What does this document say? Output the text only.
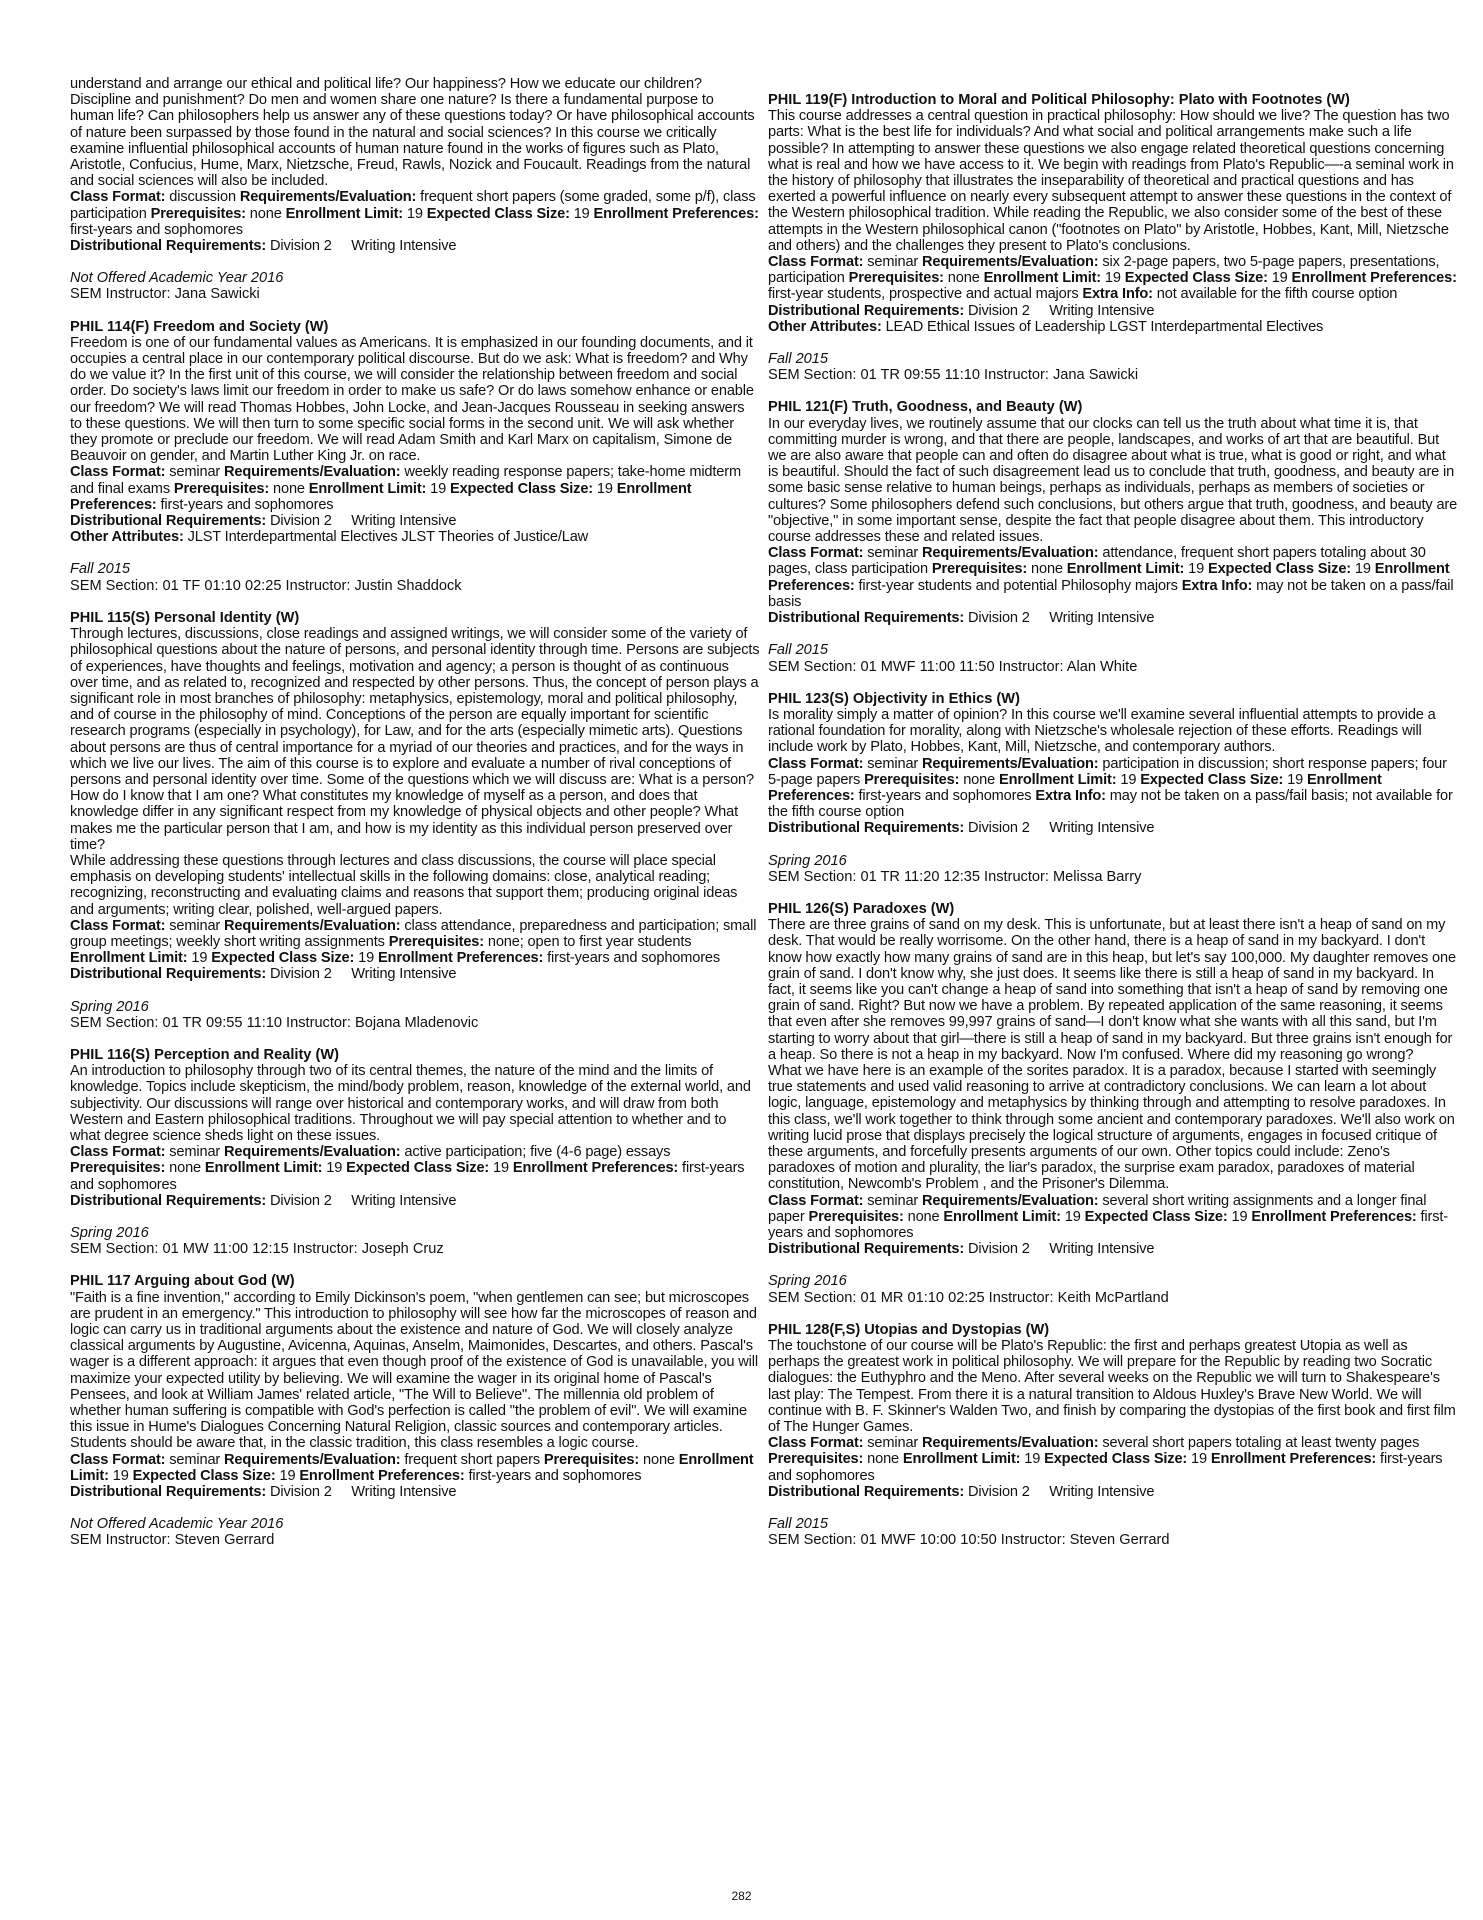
understand and arrange our ethical and political life? Our happiness? How we educate our children? Discipline and punishment? Do men and women share one nature? Is there a fundamental purpose to human life? Can philosophers help us answer any of these questions today? Or have philosophical accounts of nature been surpassed by those found in the natural and social sciences? In this course we critically examine influential philosophical accounts of human nature found in the works of figures such as Plato, Aristotle, Confucius, Hume, Marx, Nietzsche, Freud, Rawls, Nozick and Foucault. Readings from the natural and social sciences will also be included.

Class Format: discussion Requirements/Evaluation: frequent short papers (some graded, some p/f), class participation Prerequisites: none Enrollment Limit: 19 Expected Class Size: 19 Enrollment Preferences: first-years and sophomores

Distributional Requirements: Division 2     Writing Intensive

Not Offered Academic Year 2016

SEM Instructor: Jana Sawicki

PHIL 114(F) Freedom and Society (W)

Freedom is one of our fundamental values as Americans. It is emphasized in our founding documents, and it occupies a central place in our contemporary political discourse. But do we ask: What is freedom? and Why do we value it? In the first unit of this course, we will consider the relationship between freedom and social order. Do society's laws limit our freedom in order to make us safe? Or do laws somehow enhance or enable our freedom? We will read Thomas Hobbes, John Locke, and Jean-Jacques Rousseau in seeking answers to these questions. We will then turn to some specific social forms in the second unit. We will ask whether they promote or preclude our freedom. We will read Adam Smith and Karl Marx on capitalism, Simone de Beauvoir on gender, and Martin Luther King Jr. on race.

Class Format: seminar Requirements/Evaluation: weekly reading response papers; take-home midterm and final exams Prerequisites: none Enrollment Limit: 19 Expected Class Size: 19 Enrollment Preferences: first-years and sophomores

Distributional Requirements: Division 2     Writing Intensive

Other Attributes: JLST Interdepartmental Electives JLST Theories of Justice/Law

Fall 2015

SEM Section: 01 TF 01:10 02:25 Instructor: Justin Shaddock

PHIL 115(S) Personal Identity (W)

Through lectures, discussions, close readings and assigned writings, we will consider some of the variety of philosophical questions about the nature of persons, and personal identity through time. Persons are subjects of experiences, have thoughts and feelings, motivation and agency; a person is thought of as continuous over time, and as related to, recognized and respected by other persons. Thus, the concept of person plays a significant role in most branches of philosophy: metaphysics, epistemology, moral and political philosophy, and of course in the philosophy of mind. Conceptions of the person are equally important for scientific research programs (especially in psychology), for Law, and for the arts (especially mimetic arts). Questions about persons are thus of central importance for a myriad of our theories and practices, and for the ways in which we live our lives. The aim of this course is to explore and evaluate a number of rival conceptions of persons and personal identity over time. Some of the questions which we will discuss are: What is a person? How do I know that I am one? What constitutes my knowledge of myself as a person, and does that knowledge differ in any significant respect from my knowledge of physical objects and other people? What makes me the particular person that I am, and how is my identity as this individual person preserved over time?

While addressing these questions through lectures and class discussions, the course will place special emphasis on developing students' intellectual skills in the following domains: close, analytical reading; recognizing, reconstructing and evaluating claims and reasons that support them; producing original ideas and arguments; writing clear, polished, well-argued papers.

Class Format: seminar Requirements/Evaluation: class attendance, preparedness and participation; small group meetings; weekly short writing assignments Prerequisites: none; open to first year students Enrollment Limit: 19 Expected Class Size: 19 Enrollment Preferences: first-years and sophomores

Distributional Requirements: Division 2     Writing Intensive

Spring 2016

SEM Section: 01 TR 09:55 11:10 Instructor: Bojana Mladenovic

PHIL 116(S) Perception and Reality (W)

An introduction to philosophy through two of its central themes, the nature of the mind and the limits of knowledge. Topics include skepticism, the mind/body problem, reason, knowledge of the external world, and subjectivity. Our discussions will range over historical and contemporary works, and will draw from both Western and Eastern philosophical traditions. Throughout we will pay special attention to whether and to what degree science sheds light on these issues.

Class Format: seminar Requirements/Evaluation: active participation; five (4-6 page) essays Prerequisites: none Enrollment Limit: 19 Expected Class Size: 19 Enrollment Preferences: first-years and sophomores

Distributional Requirements: Division 2     Writing Intensive

Spring 2016

SEM Section: 01 MW 11:00 12:15 Instructor: Joseph Cruz

PHIL 117 Arguing about God (W)

"Faith is a fine invention," according to Emily Dickinson's poem, "when gentlemen can see; but microscopes are prudent in an emergency." This introduction to philosophy will see how far the microscopes of reason and logic can carry us in traditional arguments about the existence and nature of God. We will closely analyze classical arguments by Augustine, Avicenna, Aquinas, Anselm, Maimonides, Descartes, and others. Pascal's wager is a different approach: it argues that even though proof of the existence of God is unavailable, you will maximize your expected utility by believing. We will examine the wager in its original home of Pascal's Pensees, and look at William James' related article, "The Will to Believe". The millennia old problem of whether human suffering is compatible with God's perfection is called "the problem of evil". We will examine this issue in Hume's Dialogues Concerning Natural Religion, classic sources and contemporary articles. Students should be aware that, in the classic tradition, this class resembles a logic course.

Class Format: seminar Requirements/Evaluation: frequent short papers Prerequisites: none Enrollment Limit: 19 Expected Class Size: 19 Enrollment Preferences: first-years and sophomores

Distributional Requirements: Division 2     Writing Intensive

Not Offered Academic Year 2016

SEM Instructor: Steven Gerrard

PHIL 119(F) Introduction to Moral and Political Philosophy: Plato with Footnotes (W)

This course addresses a central question in practical philosophy: How should we live? The question has two parts: What is the best life for individuals? And what social and political arrangements make such a life possible? In attempting to answer these questions we also engage related theoretical questions concerning what is real and how we have access to it. We begin with readings from Plato's Republic—-a seminal work in the history of philosophy that illustrates the inseparability of theoretical and practical questions and has exerted a powerful influence on nearly every subsequent attempt to answer these questions in the context of the Western philosophical tradition. While reading the Republic, we also consider some of the best of these attempts in the Western philosophical canon ("footnotes on Plato" by Aristotle, Hobbes, Kant, Mill, Nietzsche and others) and the challenges they present to Plato's conclusions.

Class Format: seminar Requirements/Evaluation: six 2-page papers, two 5-page papers, presentations, participation Prerequisites: none Enrollment Limit: 19 Expected Class Size: 19 Enrollment Preferences: first-year students, prospective and actual majors Extra Info: not available for the fifth course option

Distributional Requirements: Division 2     Writing Intensive

Other Attributes: LEAD Ethical Issues of Leadership LGST Interdepartmental Electives

Fall 2015

SEM Section: 01 TR 09:55 11:10 Instructor: Jana Sawicki

PHIL 121(F) Truth, Goodness, and Beauty (W)

In our everyday lives, we routinely assume that our clocks can tell us the truth about what time it is, that committing murder is wrong, and that there are people, landscapes, and works of art that are beautiful. But we are also aware that people can and often do disagree about what is true, what is good or right, and what is beautiful. Should the fact of such disagreement lead us to conclude that truth, goodness, and beauty are in some basic sense relative to human beings, perhaps as individuals, perhaps as members of societies or cultures? Some philosophers defend such conclusions, but others argue that truth, goodness, and beauty are "objective," in some important sense, despite the fact that people disagree about them. This introductory course addresses these and related issues.

Class Format: seminar Requirements/Evaluation: attendance, frequent short papers totaling about 30 pages, class participation Prerequisites: none Enrollment Limit: 19 Expected Class Size: 19 Enrollment Preferences: first-year students and potential Philosophy majors Extra Info: may not be taken on a pass/fail basis

Distributional Requirements: Division 2     Writing Intensive

Fall 2015

SEM Section: 01 MWF 11:00 11:50 Instructor: Alan White

PHIL 123(S) Objectivity in Ethics (W)

Is morality simply a matter of opinion? In this course we'll examine several influential attempts to provide a rational foundation for morality, along with Nietzsche's wholesale rejection of these efforts. Readings will include work by Plato, Hobbes, Kant, Mill, Nietzsche, and contemporary authors.

Class Format: seminar Requirements/Evaluation: participation in discussion; short response papers; four 5-page papers Prerequisites: none Enrollment Limit: 19 Expected Class Size: 19 Enrollment Preferences: first-years and sophomores Extra Info: may not be taken on a pass/fail basis; not available for the fifth course option

Distributional Requirements: Division 2     Writing Intensive

Spring 2016

SEM Section: 01 TR 11:20 12:35 Instructor: Melissa Barry

PHIL 126(S) Paradoxes (W)

There are three grains of sand on my desk. This is unfortunate, but at least there isn't a heap of sand on my desk. That would be really worrisome. On the other hand, there is a heap of sand in my backyard. I don't know how exactly how many grains of sand are in this heap, but let's say 100,000. My daughter removes one grain of sand. I don't know why, she just does. It seems like there is still a heap of sand in my backyard. In fact, it seems like you can't change a heap of sand into something that isn't a heap of sand by removing one grain of sand. Right? But now we have a problem. By repeated application of the same reasoning, it seems that even after she removes 99,997 grains of sand—I don't know what she wants with all this sand, but I'm starting to worry about that girl—there is still a heap of sand in my backyard. But three grains isn't enough for a heap. So there is not a heap in my backyard. Now I'm confused. Where did my reasoning go wrong?

What we have here is an example of the sorites paradox. It is a paradox, because I started with seemingly true statements and used valid reasoning to arrive at contradictory conclusions. We can learn a lot about logic, language, epistemology and metaphysics by thinking through and attempting to resolve paradoxes. In this class, we'll work together to think through some ancient and contemporary paradoxes. We'll also work on writing lucid prose that displays precisely the logical structure of arguments, engages in focused critique of these arguments, and forcefully presents arguments of our own. Other topics could include: Zeno's paradoxes of motion and plurality, the liar's paradox, the surprise exam paradox, paradoxes of material constitution, Newcomb's Problem , and the Prisoner's Dilemma.

Class Format: seminar Requirements/Evaluation: several short writing assignments and a longer final paper Prerequisites: none Enrollment Limit: 19 Expected Class Size: 19 Enrollment Preferences: first-years and sophomores

Distributional Requirements: Division 2     Writing Intensive

Spring 2016

SEM Section: 01 MR 01:10 02:25 Instructor: Keith McPartland

PHIL 128(F,S) Utopias and Dystopias (W)

The touchstone of our course will be Plato's Republic: the first and perhaps greatest Utopia as well as perhaps the greatest work in political philosophy. We will prepare for the Republic by reading two Socratic dialogues: the Euthyphro and the Meno. After several weeks on the Republic we will turn to Shakespeare's last play: The Tempest. From there it is a natural transition to Aldous Huxley's Brave New World. We will continue with B. F. Skinner's Walden Two, and finish by comparing the dystopias of the first book and first film of The Hunger Games.

Class Format: seminar Requirements/Evaluation: several short papers totaling at least twenty pages Prerequisites: none Enrollment Limit: 19 Expected Class Size: 19 Enrollment Preferences: first-years and sophomores

Distributional Requirements: Division 2     Writing Intensive

Fall 2015

SEM Section: 01 MWF 10:00 10:50 Instructor: Steven Gerrard

282
